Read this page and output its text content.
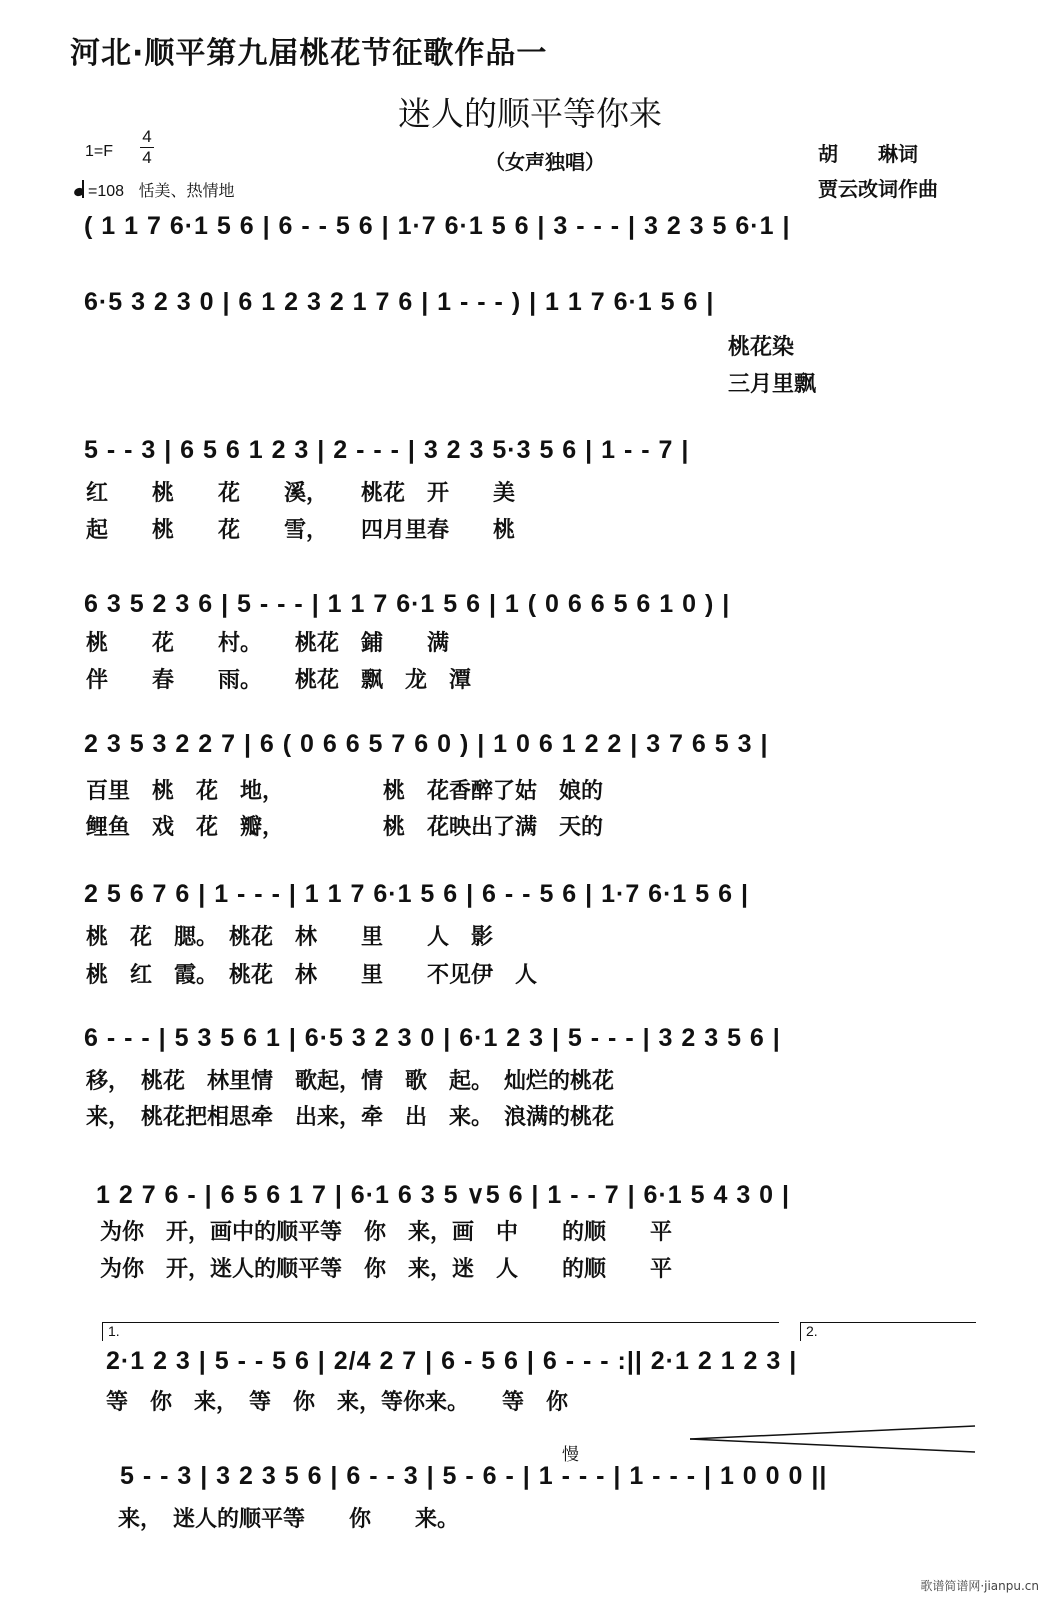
河北·顺平第九届桃花节征歌作品一
迷人的顺平等你来
1=F
4
4
=108 恬美、热情地
（女声独唱）	胡　　琳词
贾云改词作曲
( 1 1 7 6·1 5 6 | 6 - - 5 6 | 1·7 6·1 5 6 | 3 - - - | 3 2 3 5 6·1 |
6·5 3 2 3 0 | 6 1 2 3 2 1 7 6 | 1 - - - ) | 1 1 7 6·1 5 6 |
桃花染
三月里飘
5 - - 3 | 6 5 6 1 2 3 | 2 - - - | 3 2 3 5·3 5 6 | 1 - - 7 |
红　　桃　　花　　溪，　　桃花　开　　美
起　　桃　　花　　雪，　　四月里春　　桃
6 3 5 2 3 6 | 5 - - - | 1 1 7 6·1 5 6 | 1 ( 0 6 6 5 6 1 0 ) |
桃　　花　　村。　　桃花　鋪　　满
伴　　春　　雨。　　桃花　飘　龙　潭
2 3 5 3 2 2 7 | 6 ( 0 6 6 5 7 6 0 ) | 1 0 6 1 2 2 | 3 7 6 5 3 |
百里　桃　花　地，　　　　　桃　花香醉了姑　娘的
鲤鱼　戏　花　瓣，　　　　　桃　花映出了满　天的
2 5 6 7 6 | 1 - - - | 1 1 7 6·1 5 6 | 6 - - 5 6 | 1·7 6·1 5 6 |
桃　花　腮。　桃花　林　　里　　人　影
桃　红　霞。　桃花　林　　里　　不见伊　人
6 - - - | 5 3 5 6 1 | 6·5 3 2 3 0 | 6·1 2 3 | 5 - - - | 3 2 3 5 6 |
移，　桃花　林里情　歌起，情　歌　起。　灿烂的桃花
来，　桃花把相思牵　出来，牵　出　来。　浪满的桃花
1 2 7 6 - | 6 5 6 1 7 | 6·1 6 3 5 ∨5 6 | 1 - - 7 | 6·1 5 4 3 0 |
为你　开，画中的顺平等　你　来，画　中　　的顺　　平
为你　开，迷人的顺平等　你　来，迷　人　　的顺　　平
1.	2.
2·1 2 3 | 5 - - 5 6 | 2/4 2 7 | 6 - 5 6 | 6 - - - :|| 2·1 2 1 2 3 |
等　你　来，　等　你　来，等你来。　　等　你
慢
5 - - 3 | 3 2 3 5 6 | 6 - - 3 | 5 - 6 - | 1 - - - | 1 - - - | 1 0 0 0 ||
来，　迷人的顺平等　　你　　来。
歌谱简谱网·jianpu.cn
